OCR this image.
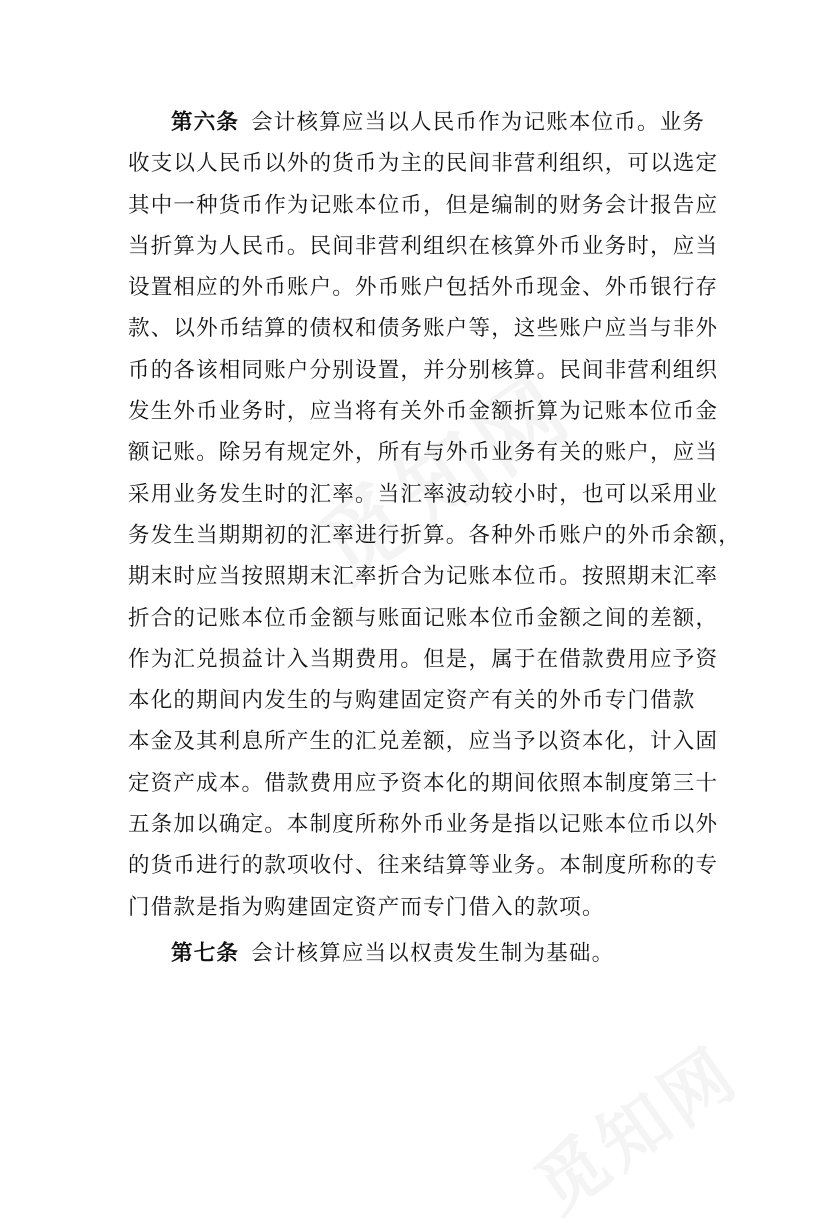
第六条 会计核算应当以人民币作为记账本位币。业务
收支以人民币以外的货币为主的民间非营利组织，可以选定
其中一种货币作为记账本位币，但是编制的财务会计报告应
当折算为人民币。民间非营利组织在核算外币业务时，应当
设置相应的外币账户。外币账户包括外币现金、外币银行存
款、以外币结算的债权和债务账户等，这些账户应当与非外
币的各该相同账户分别设置，并分别核算。民间非营利组织
发生外币业务时，应当将有关外币金额折算为记账本位币金
额记账。除另有规定外，所有与外币业务有关的账户，应当
采用业务发生时的汇率。当汇率波动较小时，也可以采用业
务发生当期期初的汇率进行折算。各种外币账户的外币余额，
期末时应当按照期末汇率折合为记账本位币。按照期末汇率
折合的记账本位币金额与账面记账本位币金额之间的差额，
作为汇兑损益计入当期费用。但是，属于在借款费用应予资
本化的期间内发生的与购建固定资产有关的外币专门借款
本金及其利息所产生的汇兑差额，应当予以资本化，计入固
定资产成本。借款费用应予资本化的期间依照本制度第三十
五条加以确定。本制度所称外币业务是指以记账本位币以外
的货币进行的款项收付、往来结算等业务。本制度所称的专
门借款是指为购建固定资产而专门借入的款项。
第七条 会计核算应当以权责发生制为基础。
